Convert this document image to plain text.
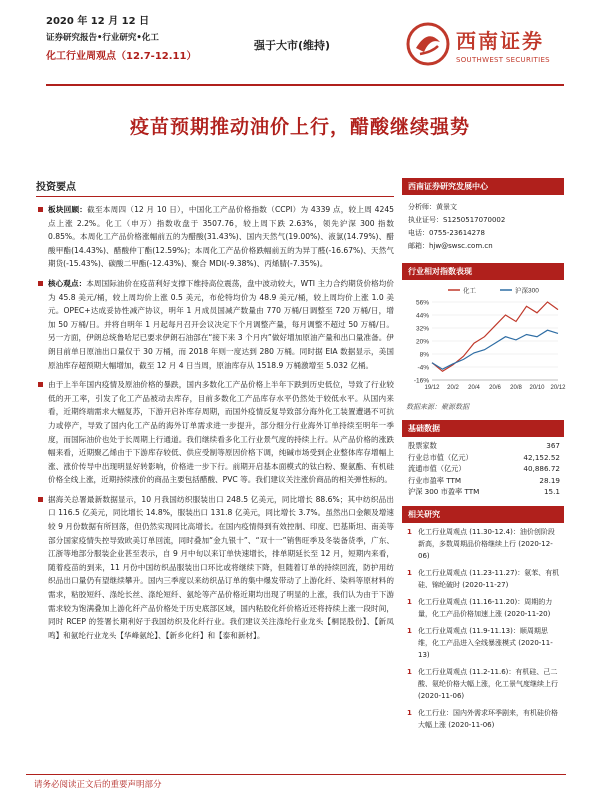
2020 年 12 月 12 日
证券研究报告•行业研究•化工
化工行业周观点（12.7-12.11）
强于大市(维持)	西南证券
SOUTHWEST SECURITIES
疫苗预期推动油价上行，醋酸继续强势
投资要点
板块回顾：截至本周四（12 月 10 日），中国化工产品价格指数（CCPI）为 4339 点，较上周 4245 点上涨 2.2%。化工（申万）指数收盘于 3507.76，较上周下跌 2.63%，领先沪深 300 指数 0.85%。本周化工产品价格涨幅前五的为醋酸(31.43%)、国内天然气(19.00%)、液氯(14.79%)、醋酸甲酯(14.43%)、醋酸仲丁酯(12.59%)；本周化工产品价格跌幅前五的为异丁醛(-16.67%)、天然气期货(-15.43%)、碳酸二甲酯(-12.43%)、聚合 MDI(-9.38%)、丙烯腈(-7.35%)。
核心观点：本周国际油价在疫苗利好支撑下维持高位震荡，盘中波动较大，WTI 主力合约期货价格均价为 45.8 美元/桶，较上周均价上涨 0.5 美元，布伦特均价为 48.9 美元/桶，较上周均价上涨 1.0 美元。OPEC+达成妥协性减产协议，明年 1 月成员国减产数量由 770 万桶/日调整至 720 万桶/日，增加 50 万桶/日。并将自明年 1 月起每月召开会议决定下个月调整产量，每月调整不超过 50 万桶/日。另一方面，伊朗总统鲁哈尼已要求伊朗石油部在“接下来 3 个月内”做好增加原油产量和出口量准备。伊朗目前单日原油出口量仅于 30 万桶，而 2018 年则一度达到 280 万桶。同时据 EIA 数据显示，美国原油库存超预期大幅增加，截至 12 月 4 日当周，原油库存从 1518.9 万桶激增至 5.032 亿桶。
由于上半年国内疫情及原油价格的暴跌，国内多数化工产品价格上半年下跌到历史低位，导致了行业较低的开工率，引发了化工产品被动去库存，目前多数化工产品库存水平仍然处于较低水平。从国内来看，近期终端需求大幅复苏，下游开启补库存周期，而国外疫情反复导致部分海外化工装置遭遇不可抗力或停产，导致了国内化工产品的海外订单需求进一步提升，部分细分行业海外订单持续至明年一季度，而国际油价也处于长周期上行通道。我们继续看多化工行业景气度的持续上行。从产品价格的涨跌幅来看，近期聚乙烯由于下游库存较低、供应受制等原因价格下调，纯碱市场受到企业整体库存增幅上涨、涨价传导中出现明显好转影响，价格进一步下行。前期开启基本面模式的钛白粉、聚氨酯、有机硅价格全线上涨，近期持续涨价的商品主要包括醋酸、PVC 等。我们建议关注涨价商品的相关弹性标的。
据海关总署最新数据显示，10 月我国纺织服装出口 248.5 亿美元，同比增长 88.6%；其中纺织品出口 116.5 亿美元，同比增长 14.8%，服装出口 131.8 亿美元，同比增长 3.7%。虽然出口金额及增速较 9 月份数据有所回落，但仍然实现同比高增长。在国内疫情得到有效控制、印度、巴基斯坦、南美等部分国家疫情失控导致欧美订单回流，同时叠加“金九银十”、“双十一”销售旺季及冬装备货季，广东、江浙等地部分服装企业甚至表示，自 9 月中旬以来订单快速增长，排单期延长至 12 月，短期内来看，随着疫苗的到来，11 月份中国纺织品服装出口环比或将继续下降，但随着订单的持续回流，防护用纺织品出口量仍有望继续攀升。国内三季度以来纺织品订单的集中爆发带动了上游化纤、染料等原材料的需求，粘胶短纤、涤纶长丝、涤纶短纤、氨纶等产品价格近期均出现了明显的上涨，我们认为由于下游需求较为饱满叠加上游化纤产品价格处于历史底部区域，国内粘胶化纤价格近还将持续上涨一段时间，同时 RCEP 的签署长期利好于我国纺织及化纤行业。我们建议关注涤纶行业龙头【桐昆股份】、【新凤鸣】和氨纶行业龙头【华峰氨纶】、【新乡化纤】和【泰和新材】。
西南证券研究发展中心
分析师：黄景文
执业证号：S1250517070002
电话：0755-23614278
邮箱：hjw@swsc.com.cn
行业相对指数表现
-16%
-4%
8%
20%
32%
44%
56%
19/12 20/2 20/4 20/6 20/8 20/10 20/12
化工	沪深300
数据来源：聚源数据
基础数据
股票家数	367
行业总市值（亿元）	42,152.52
流通市值（亿元）	40,886.72
行业市盈率 TTM	28.19
沪深 300 市盈率 TTM	15.1
相关研究
1 化工行业周观点 (11.30-12.4)：油价创阶段新高，多数周期品价格继续上行 (2020-12-06)
1 化工行业周观点 (11.23-11.27)：氨苯、有机硅、锦纶破时 (2020-11-27)
1 化工行业周观点 (11.16-11.20)：周期的力量，化工产品价格加速上涨 (2020-11-20)
1 化工行业周观点 (11.9-11.13)：顺周期思维，化工产品进入全线暴涨模式 (2020-11-13)
1 化工行业周观点 (11.2-11.6)：有机硅、己二酸、氨纶价格大幅上涨，化工景气度继续上行 (2020-11-06)
1 化工行业：国内外需求环季剧来，有机硅价格大幅上涨 (2020-11-06)
请务必阅读正文后的重要声明部分
